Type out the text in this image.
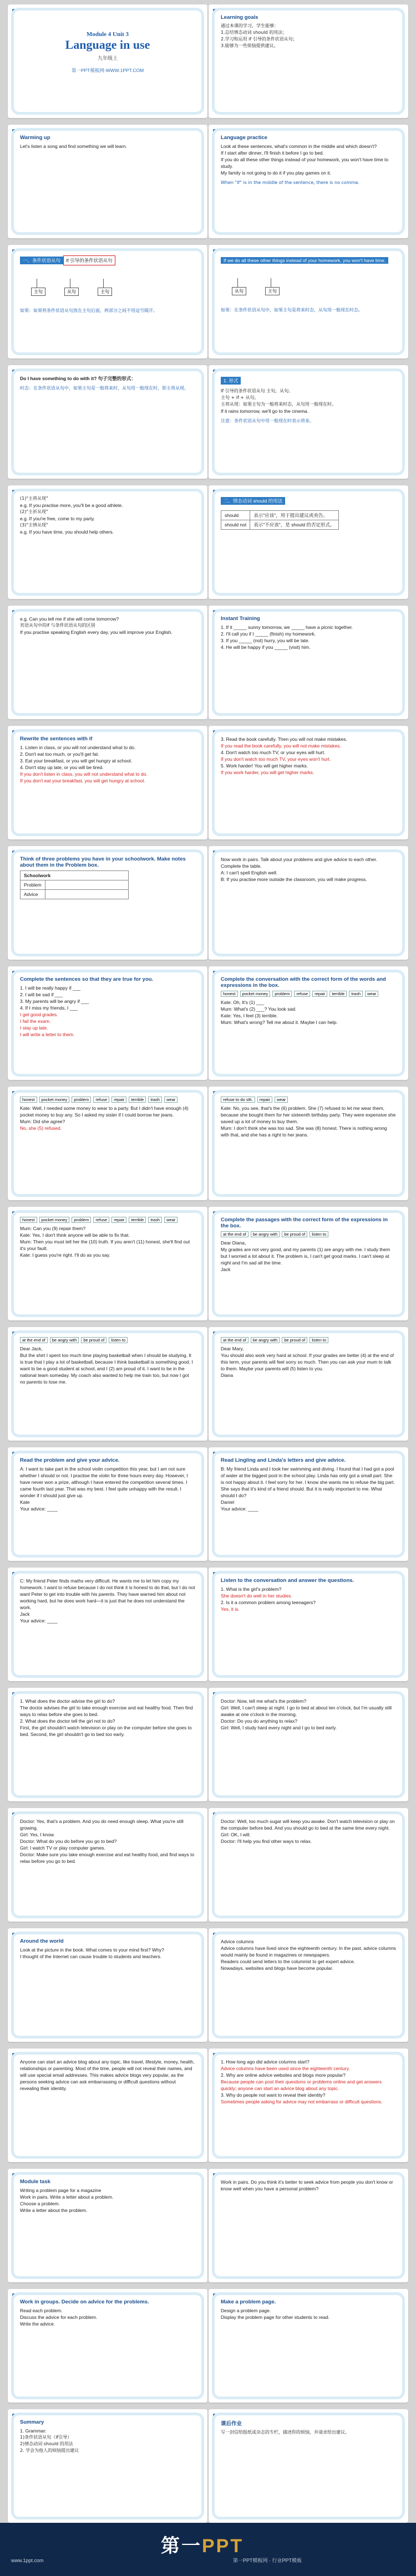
Module 4 Unit 3
Language in use
九年级上
第一PPT模板网-WWW.1PPT.COM
Learning goals
通过本课的学习，学生能够：
1.总结情态动词 should 的用法；
2.学习和运用 if 引导的条件状语从句；
3.能够为一些烦恼提供建议。
Warming up
Let's listen a song and find something we will learn.
Language practice
Look at these sentences, what's common in the middle and which doesn't?
If I start after dinner, I'll finish it before I go to bed.
If you do all these other things instead of your homework, you won't have time to study.
My family is not going to do it if you play games on it.
When "if" is in the middle of the sentence, there is no comma.
一、条件状语从句 If 引导的条件状语从句
主句	从句	主句
如果：如果将条件状语从句放在主句后面，两部分之间不用逗号隔开。
If we do all these other things instead of your homework, you won't have time.
从句	主句
如果：在条件状语从句中，如果主句是将来时态，从句用一般现在时态。
Do I have something to do with it? 句子完整的形式：
时态：在条件状语从句中，如果主句是一般将来时，从句用一般现在时，即主将从现。
1. 形式
If 引导的条件状语从句 主句，从句。
主句 + if + 从句。
主将从现：如果主句为一般将来时态，从句用一般现在时。
If it rains tomorrow, we'll go to the cinema.
注意：条件状语从句中用一般现在时表示将来。
(1)"主将从现"
e.g. If you practise more, you'll be a good athlete.
(2)"主祈从现"
e.g. If you're free, come to my party.
(3)"主情从现"
e.g. If you have time, you should help others.
二、情态动词 should 的用法
should	表示"应该"，用于提出建议或劝告。
should not	表示"不应该"，是 should 的否定形式。
e.g. Can you tell me if she will come tomorrow?
宾语从句中的if 与条件状语从句的区别
If you practise speaking English every day, you will improve your English.
Instant Training
1. If it _____ sunny tomorrow, we _____ have a picnic together.
2. I'll call you if I _____ (finish) my homework.
3. If you _____ (not) hurry, you will be late.
4. He will be happy if you _____ (visit) him.
Rewrite the sentences with if
1. Listen in class, or you will not understand what to do.
2. Don't eat too much, or you'll get fat.
3. Eat your breakfast, or you will get hungry at school.
4. Don't stay up late, or you will be tired.
If you don't listen in class, you will not understand what to do.
If you don't eat your breakfast, you will get hungry at school.
3. Read the book carefully. Then you will not make mistakes.
If you read the book carefully, you will not make mistakes.
4. Don't watch too much TV, or your eyes will hurt.
If you don't watch too much TV, your eyes won't hurt.
5. Work harder! You will get higher marks.
If you work harder, you will get higher marks.
Think of three problems you have in your schoolwork. Make notes about them in the Problem box.
Schoolwork	
Problem	
Advice	
Now work in pairs. Talk about your problems and give advice to each other. Complete the table.
A: I can't spell English well.
B: If you practise more outside the classroom, you will make progress.
Complete the sentences so that they are true for you.
1. I will be really happy if ___
2. I will be sad if ___
3. My parents will be angry if ___
4. If I miss my friends, I ___
I get good grades.
I fail the exam.
I stay up late.
I will write a letter to them.
Complete the conversation with the correct form of the words and expressions in the box.
honest	pocket money	problem	refuse	repair	terrible	trash	wear
Kate: Oh, It's (1) ___
Mum: What's (2) ___? You look sad.
Kate: Yes, I feel (3) terrible.
Mum: What's wrong? Tell me about it. Maybe I can help.
honest	pocket money	problem	refuse	repair	terrible	trash	wear
Kate: Well, I needed some money to wear to a party. But I didn't have enough (4) pocket money to buy any. So I asked my sister if I could borrow her jeans.
Mum: Did she agree?
No, she (5) refused.
refuse to do sth.	repair	wear
Kate: No, you see, that's the (6) problem. She (7) refused to let me wear them, because she bought them for her sixteenth birthday party. They were expensive she saved up a lot of money to buy them.
Mum: I don't think she was too sad. She was (8) honest. There is nothing wrong with that, and she has a right to her jeans.
honest	pocket money	problem	refuse	repair	terrible	trash	wear
Mum: Can you (9) repair them?
Kate: Yes, I don't think anyone will be able to fix that.
Mum: Then you must tell her the (10) truth. If you aren't (11) honest, she'll find out it's your fault.
Kate: I guess you're right. I'll do as you say.
Complete the passages with the correct form of the expressions in the box.
at the end of	be angry with	be proud of	listen to
Dear Diana,
My grades are not very good, and my parents (1) are angry with me. I study them but I worried a lot about it. The problem is, I can't get good marks. I can't sleep at night and I'm sad all the time.
Jack
at the end of	be angry with	be proud of	listen to
Dear Jack,
But the shirt I spent too much time playing basketball when I should be studying. It is true that I play a lot of basketball, because I think basketball is something good. I want to be a good student at school, and I (2) am proud of it. I want to be in the national team someday. My coach also wanted to help me train too, but now I got no parents to lose me.
at the end of	be angry with	be proud of	listen to
Dear Mary,
You should also work very hard at school. If your grades are better (4) at the end of this term, your parents will feel sorry so much. Then you can ask your mum to talk to them. Maybe your parents will (5) listen to you.
Diana
Read the problem and give your advice.
A: I want to take part in the school violin competition this year, but I am not sure whether I should or not. I practise the violin for three hours every day. However, I have never won a prize, although I have entered the competition several times. I came fourth last year. That was my best. I feel quite unhappy with the result. I wonder if I should just give up.
Kate
Your advice: ____
Read Lingling and Linda's letters and give advice.
B: My friend Linda and I took her swimming and diving. I found that I had got a pool of water at the biggest pool in the school play. Linda has only got a small part. She is not happy about it. I feel sorry for her. I know she wants me to refuse the big part. She says that it's kind of a friend should. But it is really important to me. What should I do?
Daniel
Your advice: ____
C: My friend Peter finds maths very difficult. He wants me to let him copy my homework. I want to refuse because I do not think it is honest to do that, but I do not want Peter to get into trouble with his parents. They have warned him about not working hard, but he does work hard—it is just that he does not understand the work.
Jack
Your advice: ____
Listen to the conversation and answer the questions.
1. What is the girl's problem?
She doesn't do well in her studies.
2. Is it a common problem among teenagers?
Yes, it is.
1. What does the doctor advise the girl to do?
The doctor advises the girl to take enough exercise and eat healthy food. Then find ways to relax before she goes to bed.
2. What does the doctor tell the girl not to do?
First, the girl shouldn't watch television or play on the computer before she goes to bed. Second, the girl shouldn't go to bed too early.
Doctor: Now, tell me what's the problem?
Girl: Well, I can't sleep at night. I go to bed at about ten o'clock, but I'm usually still awake at one o'clock in the morning.
Doctor: Do you do anything to relax?
Girl: Well, I study hard every night and I go to bed early.
Doctor: Yes, that's a problem. And you do need enough sleep. What you're still growing.
Girl: Yes, I know.
Doctor: What do you do before you go to bed?
Girl: I watch TV or play computer games.
Doctor: Make sure you take enough exercise and eat healthy food, and find ways to relax before you go to bed.
Doctor: Well, too much sugar will keep you awake. Don't watch television or play on the computer before bed. And you should go to bed at the same time every night.
Girl: OK, I will.
Doctor: I'll help you find other ways to relax.
Around the world
Look at the picture in the book. What comes to your mind first? Why?
I thought of the Internet can cause trouble to students and teachers.
Advice columns
Advice columns have lived since the eighteenth century. In the past, advice columns would mainly be found in magazines or newspapers.
Readers could send letters to the columnist to get expert advice.
Nowadays, websites and blogs have become popular.
Anyone can start an advice blog about any topic, like travel, lifestyle, money, health, relationships or parenting. Most of the time, people will not reveal their names, and will use special email addresses. This makes advice blogs very popular, as the persons seeking advice can ask embarrassing or difficult questions without revealing their identity.
1. How long ago did advice columns start?
Advice columns have been used since the eighteenth century.
2. Why are online advice websites and blogs more popular?
Because people can post their questions or problems online and get answers quickly; anyone can start an advice blog about any topic.
3. Why do people not want to reveal their identity?
Sometimes people asking for advice may not embarrass or difficult questions.
Module task
Writing a problem page for a magazine
Work in pairs. Write a letter about a problem.
Choose a problem.
Write a letter about the problem.
Work in pairs. Do you think it's better to seek advice from people you don't know or know well when you have a personal problem?
Work in groups. Decide on advice for the problems.
Read each problem.
Discuss the advice for each problem.
Write the advice.
Make a problem page.
Design a problem page.
Display the problem page for other students to read.
Summary
1. Grammar:
1)条件状语从句（if引导）
2)情态动词 should 的用法
2. 学会为他人的烦恼提出建议
课后作业
写一封信给报纸或杂志的专栏，描述你的烦恼，并请求给出建议。
第一PPT
www.1ppt.com	第一PPT模板网 · 行业PPT模板
